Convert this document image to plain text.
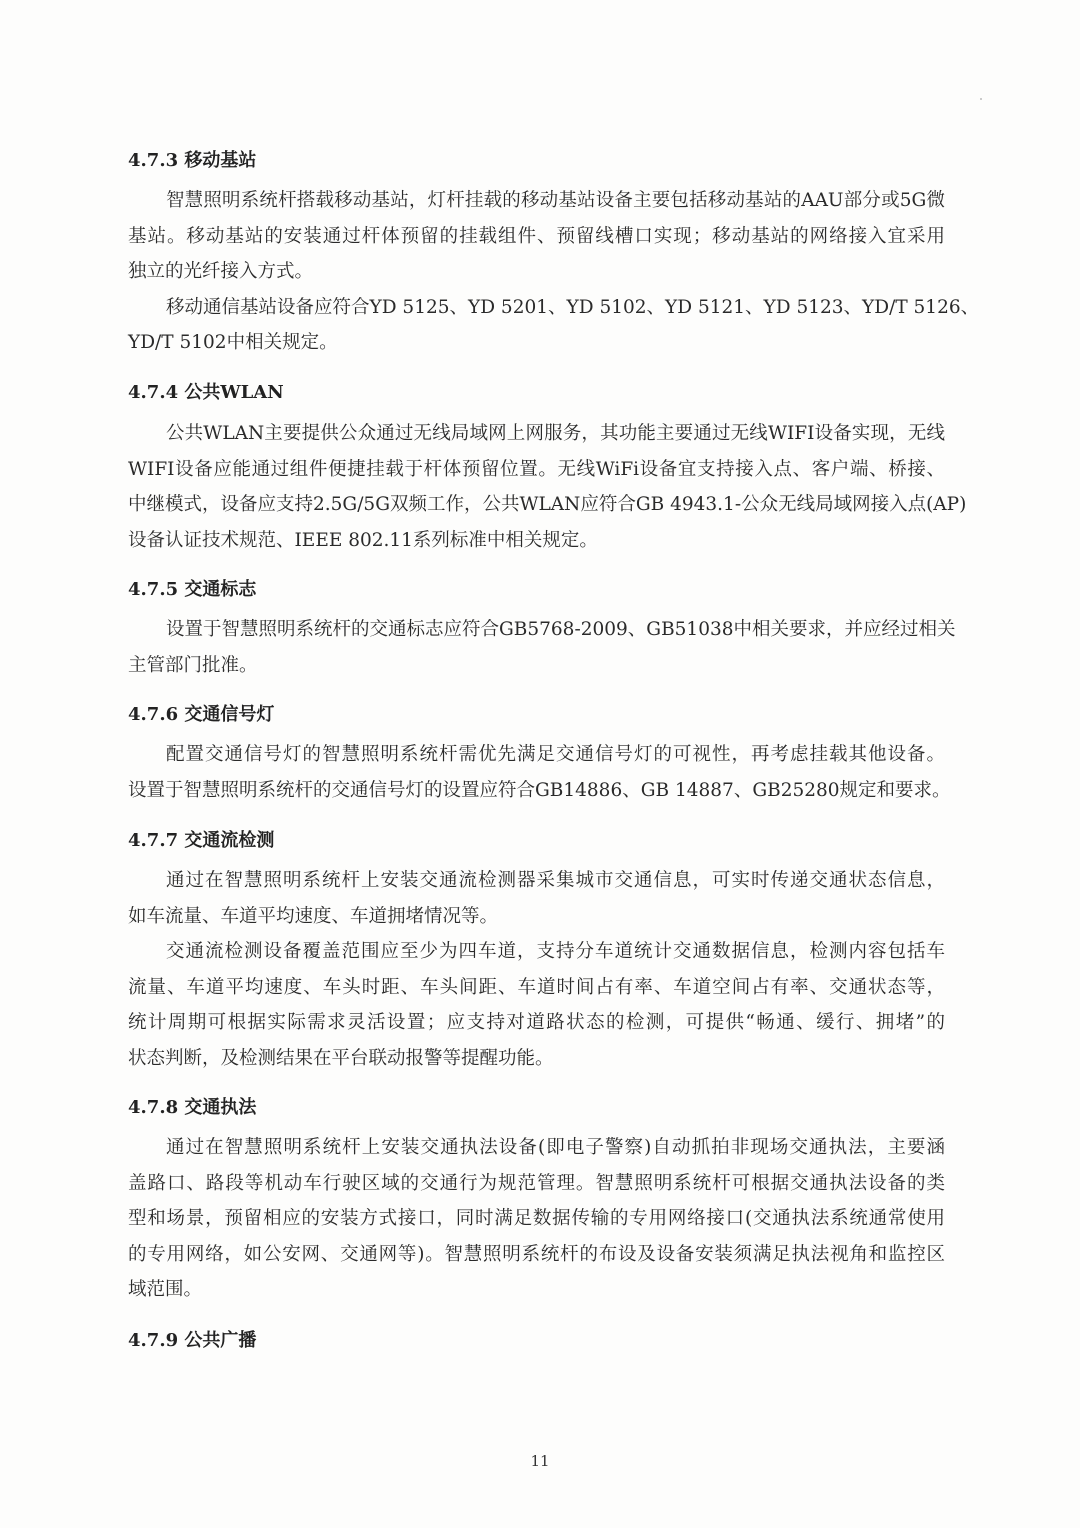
4.7.3 移动基站
智慧照明系统杆搭载移动基站，灯杆挂载的移动基站设备主要包括移动基站的AAU部分或5G微
基站。移动基站的安装通过杆体预留的挂载组件、预留线槽口实现；移动基站的网络接入宜采用
独立的光纤接入方式。
移动通信基站设备应符合YD 5125、YD 5201、YD 5102、YD 5121、YD 5123、YD/T 5126、
YD/T 5102中相关规定。
4.7.4 公共WLAN
公共WLAN主要提供公众通过无线局域网上网服务，其功能主要通过无线WIFI设备实现，无线
WIFI设备应能通过组件便捷挂载于杆体预留位置。无线WiFi设备宜支持接入点、客户端、桥接、
中继模式，设备应支持2.5G/5G双频工作，公共WLAN应符合GB 4943.1-公众无线局域网接入点(AP)
设备认证技术规范、IEEE 802.11系列标准中相关规定。
4.7.5 交通标志
设置于智慧照明系统杆的交通标志应符合GB5768-2009、GB51038中相关要求，并应经过相关
主管部门批准。
4.7.6 交通信号灯
配置交通信号灯的智慧照明系统杆需优先满足交通信号灯的可视性，再考虑挂载其他设备。
设置于智慧照明系统杆的交通信号灯的设置应符合GB14886、GB 14887、GB25280规定和要求。
4.7.7 交通流检测
通过在智慧照明系统杆上安装交通流检测器采集城市交通信息，可实时传递交通状态信息，
如车流量、车道平均速度、车道拥堵情况等。
交通流检测设备覆盖范围应至少为四车道，支持分车道统计交通数据信息，检测内容包括车
流量、车道平均速度、车头时距、车头间距、车道时间占有率、车道空间占有率、交通状态等，
统计周期可根据实际需求灵活设置；应支持对道路状态的检测，可提供“畅通、缓行、拥堵”的
状态判断，及检测结果在平台联动报警等提醒功能。
4.7.8 交通执法
通过在智慧照明系统杆上安装交通执法设备(即电子警察)自动抓拍非现场交通执法，主要涵
盖路口、路段等机动车行驶区域的交通行为规范管理。智慧照明系统杆可根据交通执法设备的类
型和场景，预留相应的安装方式接口，同时满足数据传输的专用网络接口(交通执法系统通常使用
的专用网络，如公安网、交通网等)。智慧照明系统杆的布设及设备安装须满足执法视角和监控区
域范围。
4.7.9 公共广播
11
